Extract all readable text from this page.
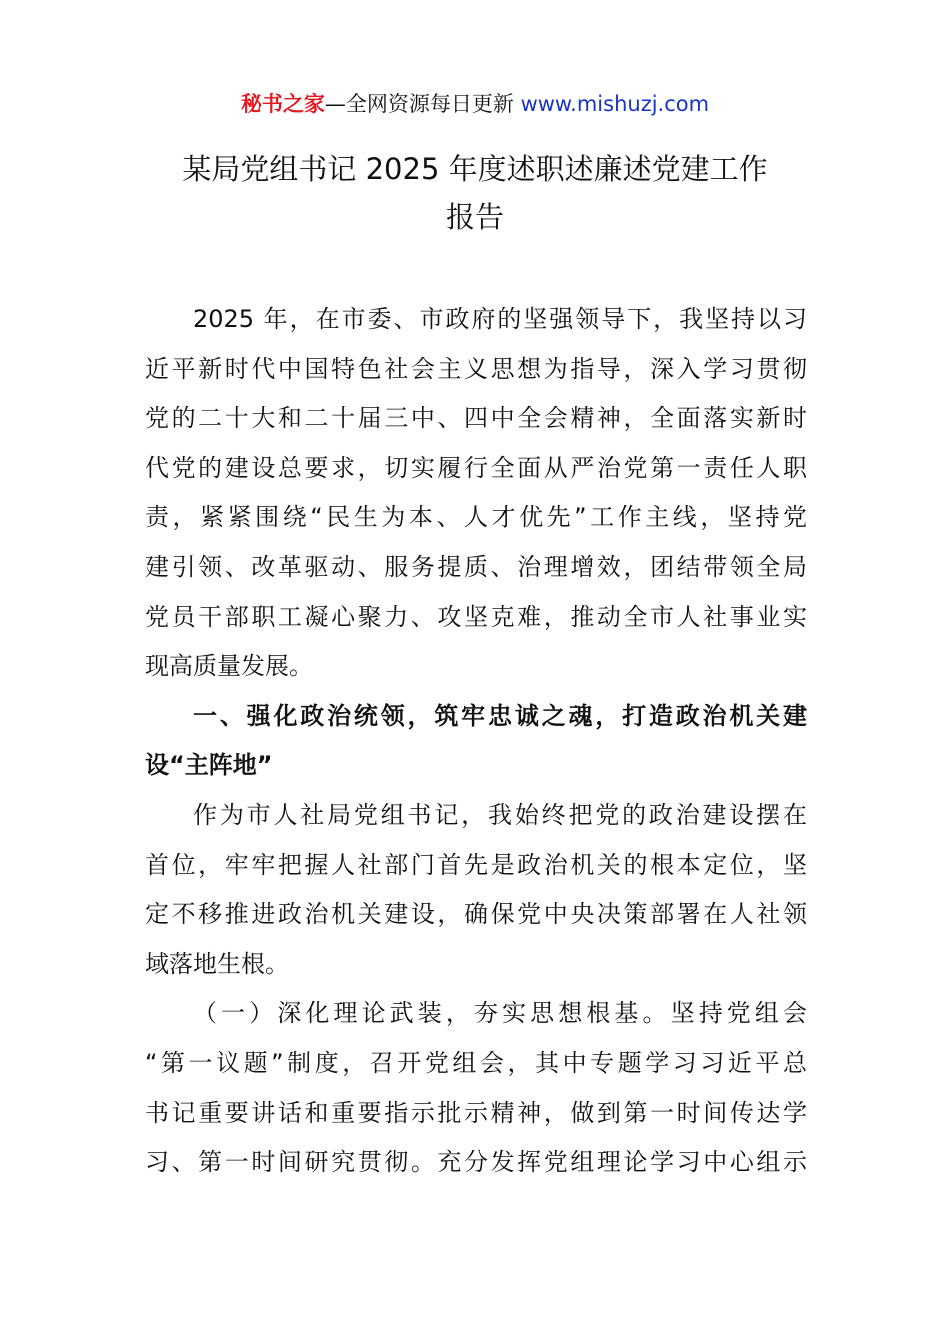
秘书之家—全网资源每日更新 www.mishuzj.com
某局党组书记 2025 年度述职述廉述党建工作
报告
2025 年，在市委、市政府的坚强领导下，我坚持以习
近平新时代中国特色社会主义思想为指导，深入学习贯彻
党的二十大和二十届三中、四中全会精神，全面落实新时
代党的建设总要求，切实履行全面从严治党第一责任人职
责，紧紧围绕“民生为本、人才优先”工作主线，坚持党
建引领、改革驱动、服务提质、治理增效，团结带领全局
党员干部职工凝心聚力、攻坚克难，推动全市人社事业实
现高质量发展。
一、强化政治统领，筑牢忠诚之魂，打造政治机关建
设“主阵地”
作为市人社局党组书记，我始终把党的政治建设摆在
首位，牢牢把握人社部门首先是政治机关的根本定位，坚
定不移推进政治机关建设，确保党中央决策部署在人社领
域落地生根。
（一）深化理论武装，夯实思想根基。坚持党组会
“第一议题”制度，召开党组会，其中专题学习习近平总
书记重要讲话和重要指示批示精神，做到第一时间传达学
习、第一时间研究贯彻。充分发挥党组理论学习中心组示
